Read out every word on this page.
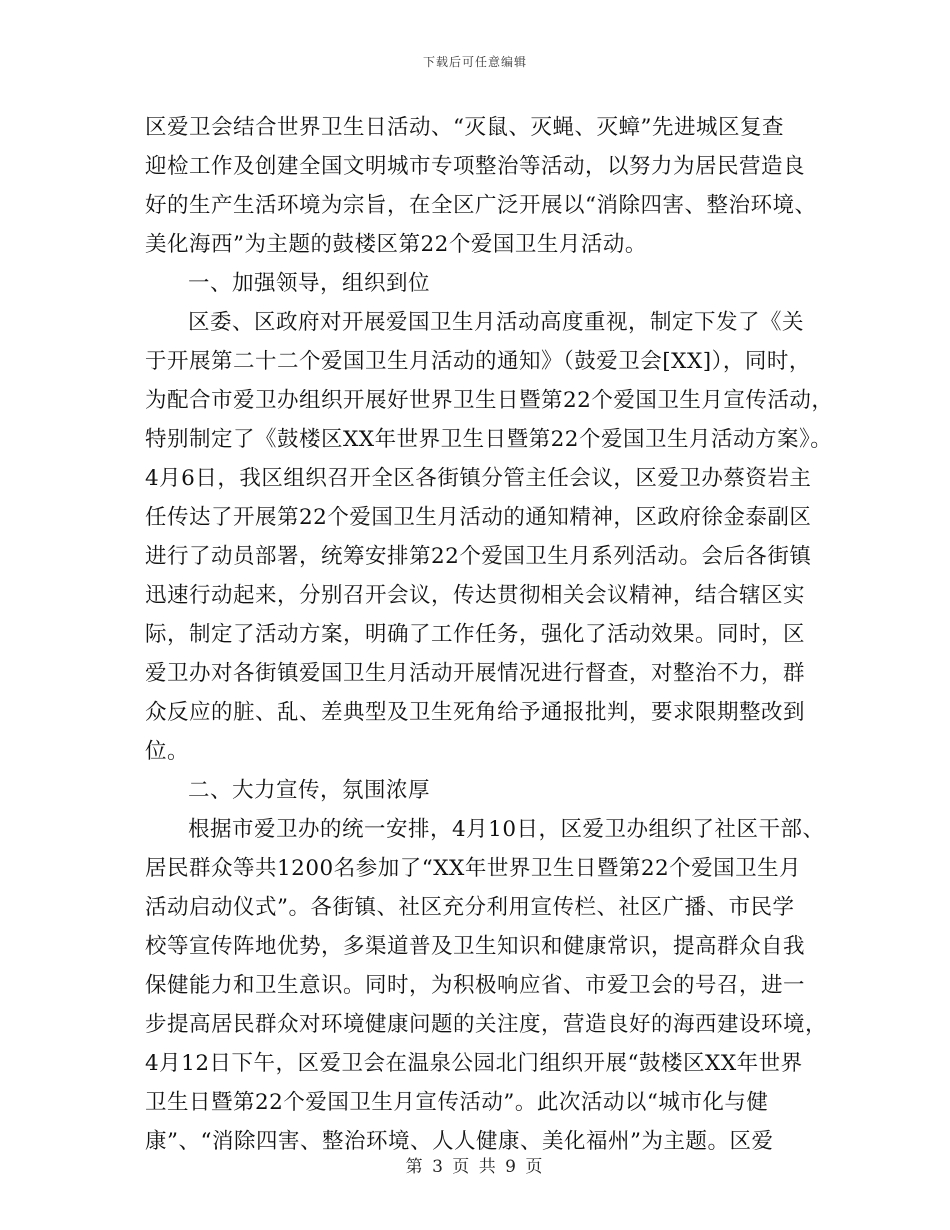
下载后可任意编辑
区爱卫会结合世界卫生日活动、“灭鼠、灭蝇、灭蟑”先进城区复查
迎检工作及创建全国文明城市专项整治等活动，以努力为居民营造良
好的生产生活环境为宗旨，在全区广泛开展以“消除四害、整治环境、
美化海西”为主题的鼓楼区第22个爱国卫生月活动。
一、加强领导，组织到位
区委、区政府对开展爱国卫生月活动高度重视，制定下发了《关
于开展第二十二个爱国卫生月活动的通知》（鼓爱卫会[XX]），同时，
为配合市爱卫办组织开展好世界卫生日暨第22个爱国卫生月宣传活动，
特别制定了《鼓楼区XX年世界卫生日暨第22个爱国卫生月活动方案》。
4月6日，我区组织召开全区各街镇分管主任会议，区爱卫办蔡资岩主
任传达了开展第22个爱国卫生月活动的通知精神，区政府徐金泰副区
进行了动员部署，统筹安排第22个爱国卫生月系列活动。会后各街镇
迅速行动起来，分别召开会议，传达贯彻相关会议精神，结合辖区实
际，制定了活动方案，明确了工作任务，强化了活动效果。同时，区
爱卫办对各街镇爱国卫生月活动开展情况进行督查，对整治不力，群
众反应的脏、乱、差典型及卫生死角给予通报批判，要求限期整改到
位。
二、大力宣传，氛围浓厚
根据市爱卫办的统一安排，4月10日，区爱卫办组织了社区干部、
居民群众等共1200名参加了“XX年世界卫生日暨第22个爱国卫生月
活动启动仪式”。各街镇、社区充分利用宣传栏、社区广播、市民学
校等宣传阵地优势，多渠道普及卫生知识和健康常识，提高群众自我
保健能力和卫生意识。同时，为积极响应省、市爱卫会的号召，进一
步提高居民群众对环境健康问题的关注度，营造良好的海西建设环境，
4月12日下午，区爱卫会在温泉公园北门组织开展“鼓楼区XX年世界
卫生日暨第22个爱国卫生月宣传活动”。此次活动以“城市化与健
康”、“消除四害、整治环境、人人健康、美化福州”为主题。区爱
第 3 页 共 9 页
